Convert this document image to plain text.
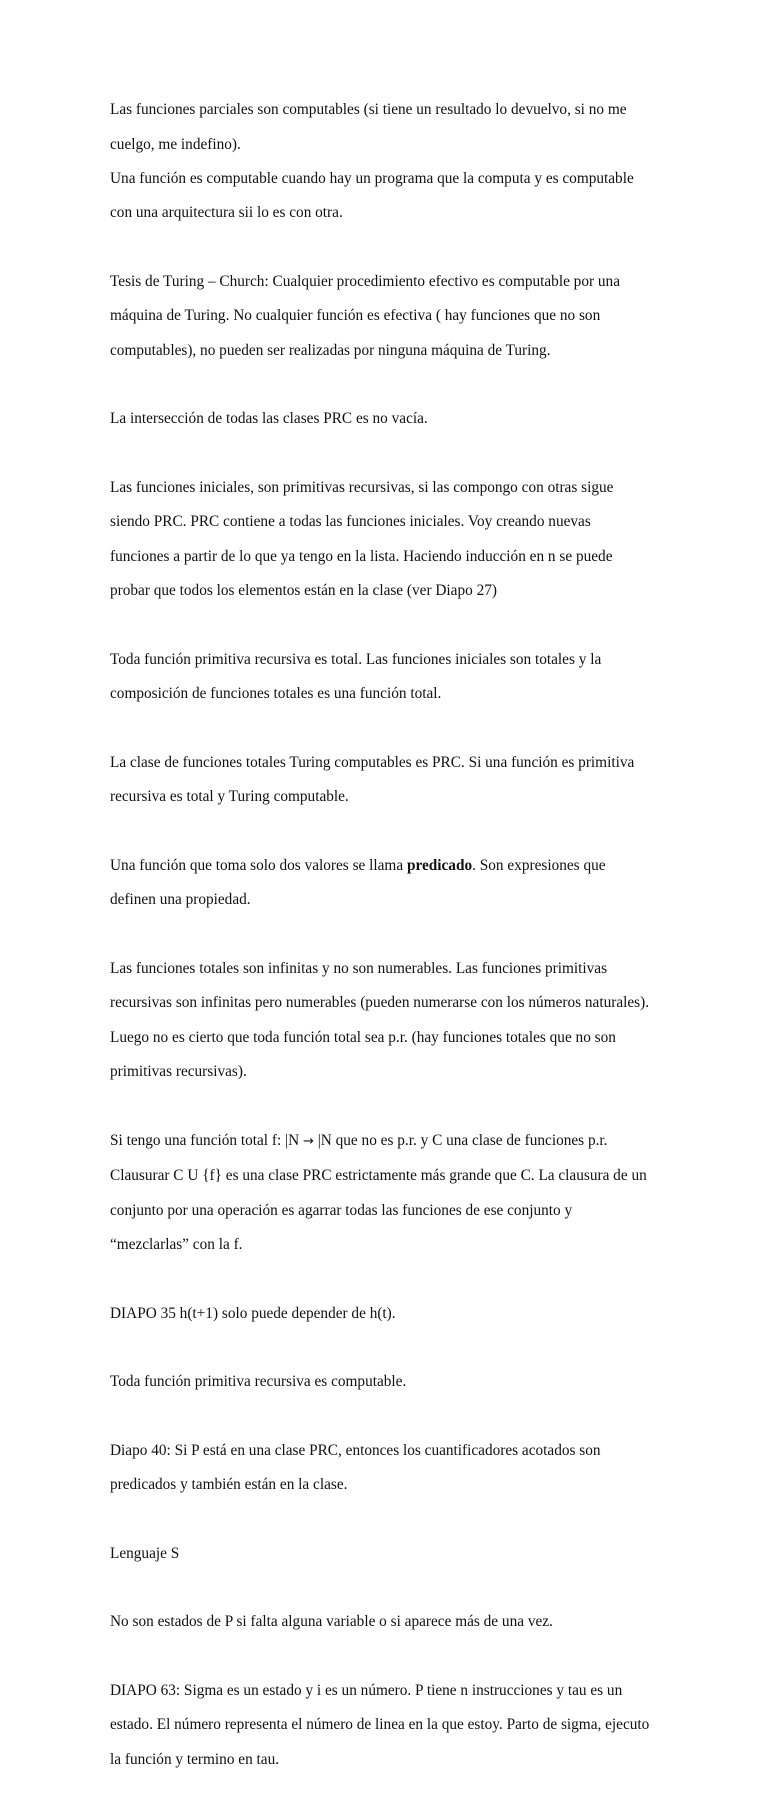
Las funciones parciales son computables (si tiene un resultado lo devuelvo, si no me

cuelgo, me indefino).

Una función es computable cuando hay un programa que la computa y es computable

con una arquitectura sii lo es con otra.

Tesis de Turing – Church: Cualquier procedimiento efectivo es computable por una

máquina de Turing. No cualquier función es efectiva ( hay funciones que no son

computables), no pueden ser realizadas por ninguna máquina de Turing.

La intersección de todas las clases PRC es no vacía.

Las funciones iniciales, son primitivas recursivas, si las compongo con otras sigue

siendo PRC. PRC contiene a todas las funciones iniciales. Voy creando nuevas

funciones a partir de lo que ya tengo en la lista. Haciendo inducción en n se puede

probar que todos los elementos están en la clase (ver Diapo 27)

Toda función primitiva recursiva es total. Las funciones iniciales son totales y la

composición de funciones totales es una función total.

La clase de funciones totales Turing computables es PRC. Si una función es primitiva

recursiva es total y Turing computable.

Una función que toma solo dos valores se llama predicado. Son expresiones que

definen una propiedad.

Las funciones totales son infinitas y no son numerables. Las funciones primitivas

recursivas son infinitas pero numerables (pueden numerarse con los números naturales).

Luego no es cierto que toda función total sea p.r. (hay funciones totales que no son

primitivas recursivas).

Si tengo una función total f: |N → |N que no es p.r. y C una clase de funciones p.r.

Clausurar C U {f} es una clase PRC estrictamente más grande que C. La clausura de un

conjunto por una operación es agarrar todas las funciones de ese conjunto y

“mezclarlas” con la f.

DIAPO 35 h(t+1) solo puede depender de h(t).

Toda función primitiva recursiva es computable.

Diapo 40: Si P está en una clase PRC, entonces los cuantificadores acotados son

predicados y también están en la clase.

Lenguaje S

No son estados de P si falta alguna variable o si aparece más de una vez.

DIAPO 63: Sigma es un estado y i es un número. P tiene n instrucciones y tau es un

estado. El número representa el número de linea en la que estoy. Parto de sigma, ejecuto

la función y termino en tau.
